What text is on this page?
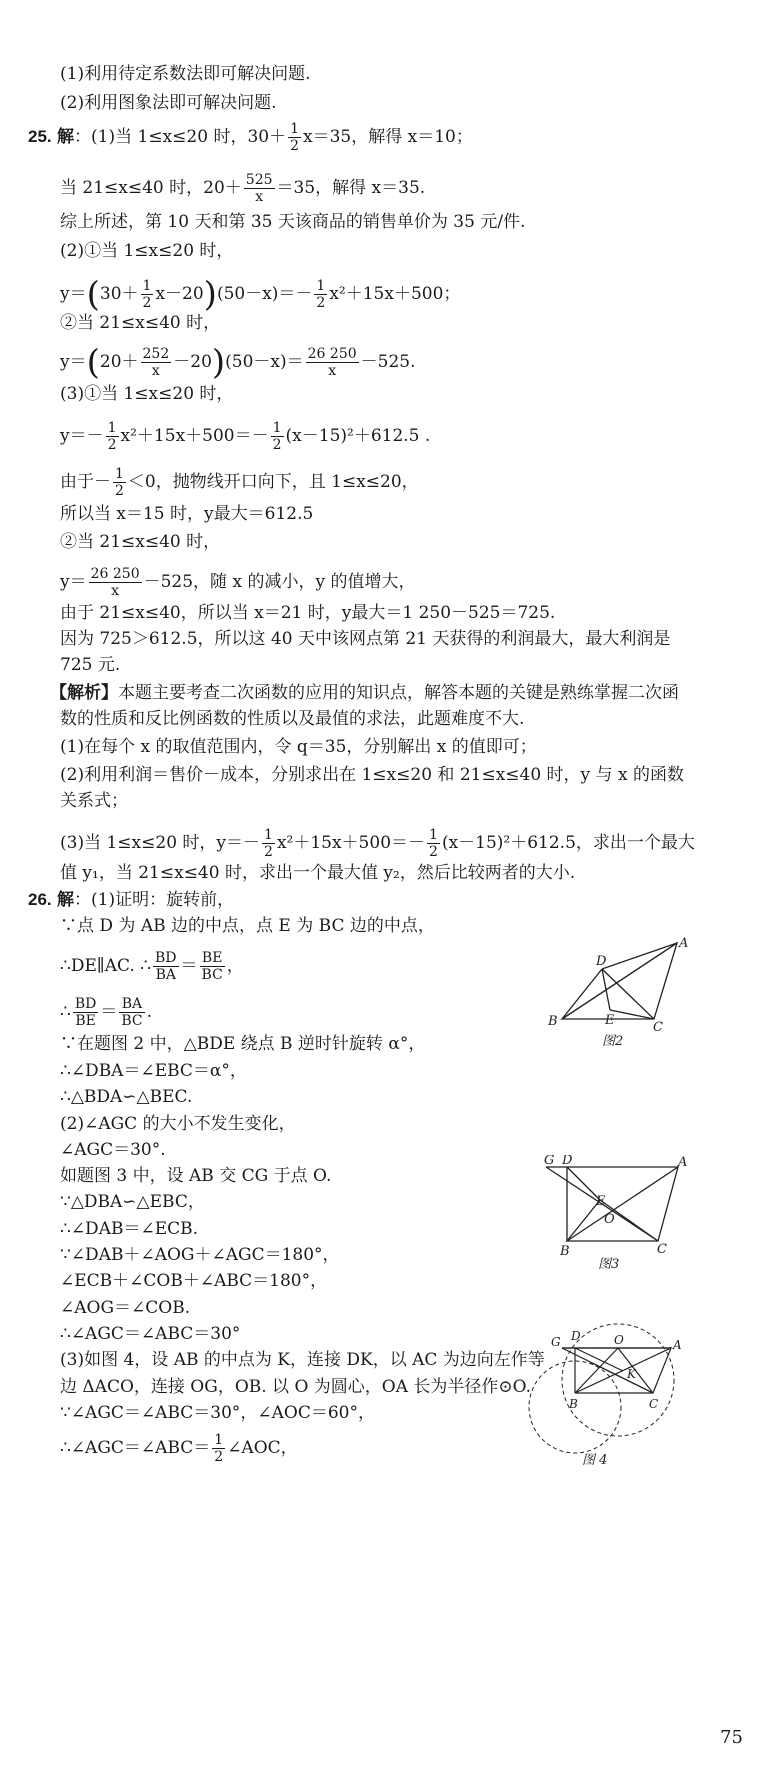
(1)利用待定系数法即可解决问题.
(2)利用图象法即可解决问题.
25. 解：(1)当 1≤x≤20 时，$30+ \frac{1}{2} x=35$，解得 x＝10；
当 21≤x≤40 时，$20+ \frac{525}{x} =35$，解得 x＝35.
综上所述，第 10 天和第 35 天该商品的销售单价为 35 元/件.
(2)①当 1≤x≤20 时，
$y=(30+ \frac{1}{2} x-20)(50-x)=- \frac{1}{2} x^2+15x+500$；
②当 21≤x≤40 时，
$y=(20+ \frac{252}{x} -20)(50-x)= \frac{26 250}{x} -525$.
(3)①当 1≤x≤20 时，
$y=- \frac{1}{2} x^2+15x+500=- \frac{1}{2} (x-15)^2+612.5$ .
由于－ $\frac{1}{2} <0$，抛物线开口向下，且 1≤x≤20，
所以当 x＝15 时，y最大＝612.5
②当 21≤x≤40 时，
$y= \frac{26 250}{x} -525$，随 x 的减小，y 的值增大，
由于 21≤x≤40，所以当 x＝21 时，y最大＝1 250－525＝725.
因为 725＞612.5，所以这 40 天中该网点第 21 天获得的利润最大，最大利润是
725 元.
【解析】本题主要考查二次函数的应用的知识点，解答本题的关键是熟练掌握二次函
数的性质和反比例函数的性质以及最值的求法，此题难度不大.
(1)在每个 x 的取值范围内，令 q＝35，分别解出 x 的值即可；
(2)利用利润＝售价－成本，分别求出在 1≤x≤20 和 21≤x≤40 时，y 与 x 的函数
关系式；
(3)当 1≤x≤20 时，$y=- \frac{1}{2} x^2+15x+500=- \frac{1}{2} (x-15)^2+612.5$，求出一个最大
值 y₁，当 21≤x≤40 时，求出一个最大值 y₂，然后比较两者的大小.
26. 解：(1)证明：旋转前，
∵点 D 为 AB 边的中点，点 E 为 BC 边的中点，
∴DE∥AC. ∴ $\frac{BD}{BA} = \frac{BE}{BC}$ ，
∴ $\frac{BD}{BE} = \frac{BA}{BC}$ .
∵在题图 2 中，△BDE 绕点 B 逆时针旋转 α°，
∴∠DBA＝∠EBC＝α°，
∴△BDA∽△BEC.
(2)∠AGC 的大小不发生变化，
∠AGC＝30°.
如题图 3 中，设 AB 交 CG 于点 O.
∵△DBA∽△EBC，
∴∠DAB＝∠ECB.
∵∠DAB＋∠AOG＋∠AGC＝180°，
∠ECB＋∠COB＋∠ABC＝180°，
∠AOG＝∠COB.
∴∠AGC＝∠ABC＝30°
(3)如图 4，设 AB 的中点为 K，连接 DK，以 AC 为边向左作等
边 ΔACO，连接 OG，OB. 以 O 为圆心，OA 长为半径作⊙O.
∵∠AGC＝∠ABC＝30°，∠AOC＝60°，
∴∠AGC＝∠ABC＝ $\frac{1}{2}$ ∠AOC，
A
B	C
D
E
图2
G D	A
E
O
B	C
图3
G D	O	A
K
B	C
图 4
75
